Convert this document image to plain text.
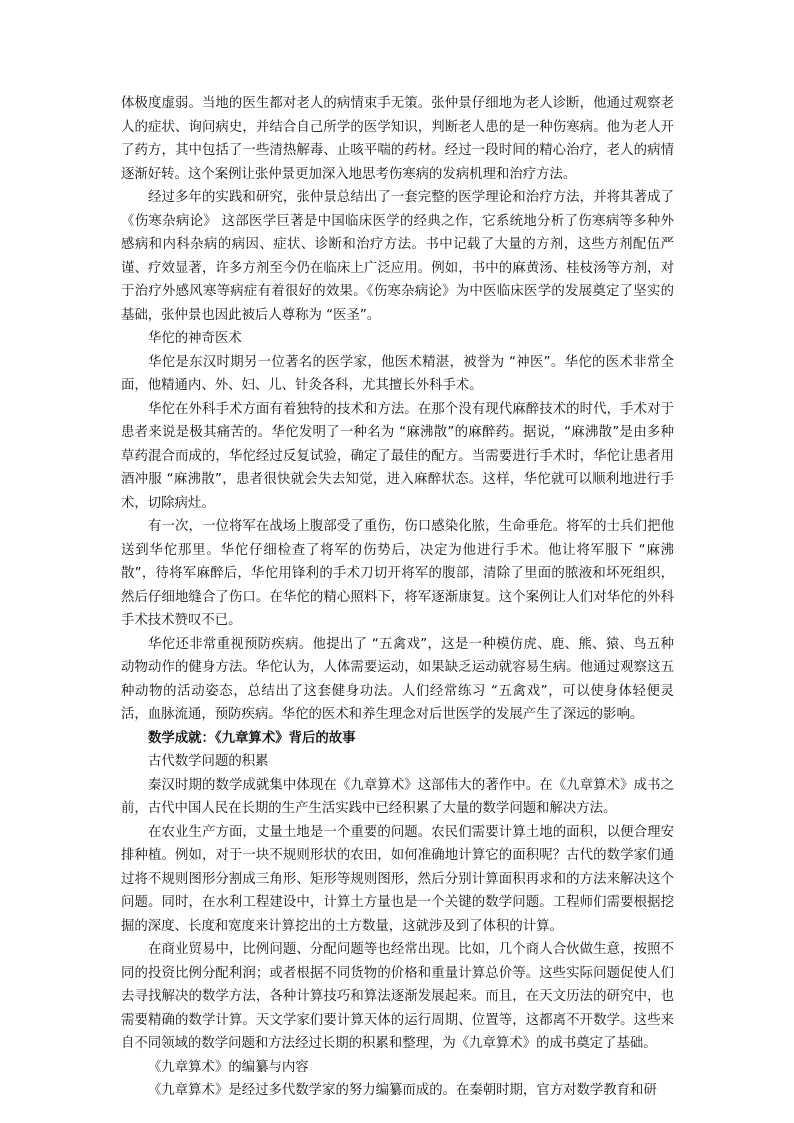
体极度虚弱。当地的医生都对老人的病情束手无策。张仲景仔细地为老人诊断，他通过观察老人的症状、询问病史，并结合自己所学的医学知识，判断老人患的是一种伤寒病。他为老人开了药方，其中包括了一些清热解毒、止咳平喘的药材。经过一段时间的精心治疗，老人的病情逐渐好转。这个案例让张仲景更加深入地思考伤寒病的发病机理和治疗方法。

经过多年的实践和研究，张仲景总结出了一套完整的医学理论和治疗方法，并将其著成了《伤寒杂病论》 这部医学巨著是中国临床医学的经典之作，它系统地分析了伤寒病等多种外感病和内科杂病的病因、症状、诊断和治疗方法。书中记载了大量的方剂，这些方剂配伍严谨、疗效显著，许多方剂至今仍在临床上广泛应用。例如，书中的麻黄汤、桂枝汤等方剂，对于治疗外感风寒等病症有着很好的效果。《伤寒杂病论》为中医临床医学的发展奠定了坚实的基础，张仲景也因此被后人尊称为 “医圣”。

华佗的神奇医术

华佗是东汉时期另一位著名的医学家，他医术精湛，被誉为 “神医”。华佗的医术非常全面，他精通内、外、妇、儿、针灸各科，尤其擅长外科手术。

华佗在外科手术方面有着独特的技术和方法。在那个没有现代麻醉技术的时代，手术对于患者来说是极其痛苦的。华佗发明了一种名为 “麻沸散”的麻醉药。据说，“麻沸散”是由多种草药混合而成的，华佗经过反复试验，确定了最佳的配方。当需要进行手术时，华佗让患者用酒冲服 “麻沸散”，患者很快就会失去知觉，进入麻醉状态。这样，华佗就可以顺利地进行手术，切除病灶。

有一次，一位将军在战场上腹部受了重伤，伤口感染化脓，生命垂危。将军的士兵们把他送到华佗那里。华佗仔细检查了将军的伤势后，决定为他进行手术。他让将军服下 “麻沸散”，待将军麻醉后，华佗用锋利的手术刀切开将军的腹部，清除了里面的脓液和坏死组织，然后仔细地缝合了伤口。在华佗的精心照料下，将军逐渐康复。这个案例让人们对华佗的外科手术技术赞叹不已。

华佗还非常重视预防疾病。他提出了 “五禽戏”，这是一种模仿虎、鹿、熊、猿、鸟五种动物动作的健身方法。华佗认为，人体需要运动，如果缺乏运动就容易生病。他通过观察这五种动物的活动姿态，总结出了这套健身功法。人们经常练习 “五禽戏”，可以使身体轻便灵活，血脉流通，预防疾病。华佗的医术和养生理念对后世医学的发展产生了深远的影响。

数学成就：《九章算术》背后的故事

古代数学问题的积累

秦汉时期的数学成就集中体现在《九章算术》这部伟大的著作中。在《九章算术》成书之前，古代中国人民在长期的生产生活实践中已经积累了大量的数学问题和解决方法。

在农业生产方面，丈量土地是一个重要的问题。农民们需要计算土地的面积，以便合理安排种植。例如，对于一块不规则形状的农田，如何准确地计算它的面积呢？古代的数学家们通过将不规则图形分割成三角形、矩形等规则图形，然后分别计算面积再求和的方法来解决这个问题。同时，在水利工程建设中，计算土方量也是一个关键的数学问题。工程师们需要根据挖掘的深度、长度和宽度来计算挖出的土方数量，这就涉及到了体积的计算。

在商业贸易中，比例问题、分配问题等也经常出现。比如，几个商人合伙做生意，按照不同的投资比例分配利润；或者根据不同货物的价格和重量计算总价等。这些实际问题促使人们去寻找解决的数学方法，各种计算技巧和算法逐渐发展起来。而且，在天文历法的研究中，也需要精确的数学计算。天文学家们要计算天体的运行周期、位置等，这都离不开数学。这些来自不同领域的数学问题和方法经过长期的积累和整理，为《九章算术》的成书奠定了基础。

《九章算术》的编纂与内容

《九章算术》是经过多代数学家的努力编纂而成的。在秦朝时期，官方对数学教育和研
